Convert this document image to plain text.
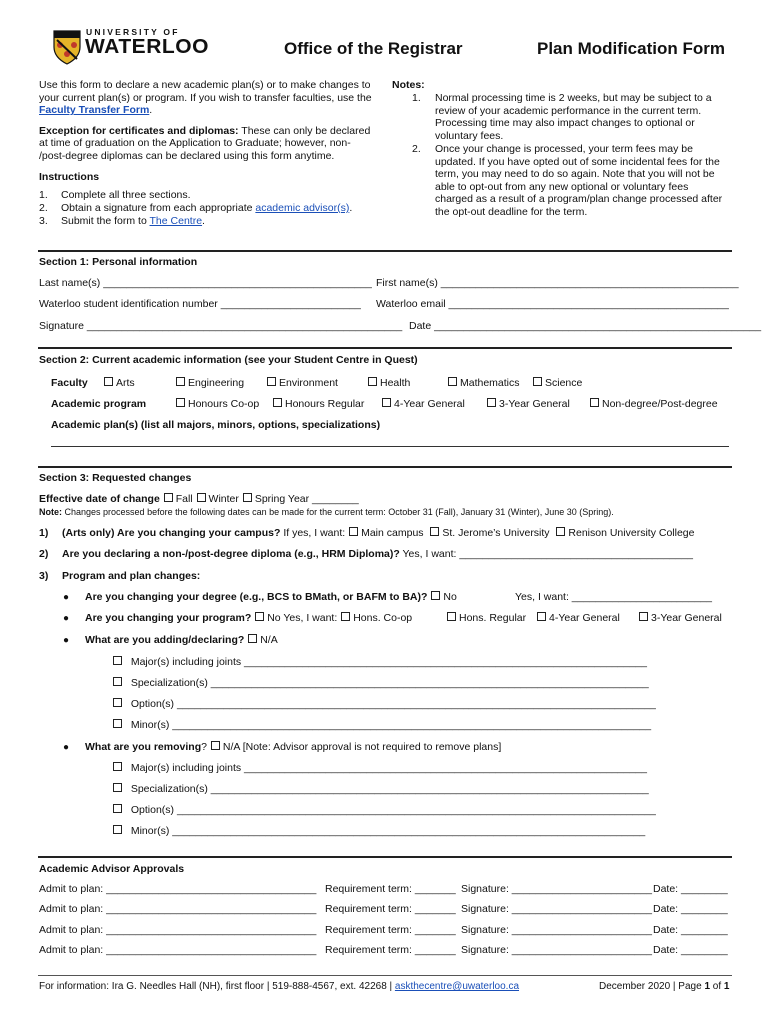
UNIVERSITY OF
WATERLOO	Office of the Registrar	Plan Modification Form
Use this form to declare a new academic plan(s) or to make changes to
your current plan(s) or program. If you wish to transfer faculties, use the
Faculty Transfer Form.
Exception for certificates and diplomas: These can only be declared
at time of graduation on the Application to Graduate; however, non-
/post-degree diplomas can be declared using this form anytime.
Instructions
1. Complete all three sections.
2. Obtain a signature from each appropriate academic advisor(s).
3. Submit the form to The Centre.
Notes:
1. Normal processing time is 2 weeks, but may be subject to a
review of your academic performance in the current term.
Processing time may also impact changes to optional or
voluntary fees.
2. Once your change is processed, your term fees may be
updated. If you have opted out of some incidental fees for the
term, you may need to do so again. Note that you will not be
able to opt-out from any new optional or voluntary fees
charged as a result of a program/plan change processed after
the opt-out deadline for the term.
Section 1: Personal information
Last name(s) ______________________________________________ First name(s) ___________________________________________________
Waterloo student identification number ________________________ Waterloo email ________________________________________________
Signature ______________________________________________________ Date ________________________________________________________
Section 2: Current academic information (see your Student Centre in Quest)
Faculty	Arts	Engineering	Environment	Health	Mathematics	Science
Academic program	Honours Co-op	Honours Regular	4-Year General	3-Year General	Non-degree/Post-degree
Academic plan(s) (list all majors, minors, options, specializations)
Section 3: Requested changes
Effective date of change Fall Winter Spring Year ________
Note: Changes processed before the following dates can be made for the current term: October 31 (Fall), January 31 (Winter), June 30 (Spring).
1) (Arts only) Are you changing your campus? If yes, I want: Main campus St. Jerome’s University Renison University College
2) Are you declaring a non-/post-degree diploma (e.g., HRM Diploma)? Yes, I want: ________________________________________
3) Program and plan changes:
● Are you changing your degree (e.g., BCS to BMath, or BAFM to BA)? No	Yes, I want: ________________________
● Are you changing your program? No Yes, I want: Hons. Co-op	Hons. Regular	4-Year General	3-Year General
● What are you adding/declaring? N/A
Major(s) including joints _____________________________________________________________________
Specialization(s) ___________________________________________________________________________
Option(s) __________________________________________________________________________________
Minor(s) __________________________________________________________________________________
● What are you removing? N/A [Note: Advisor approval is not required to remove plans]
Major(s) including joints _____________________________________________________________________
Specialization(s) ___________________________________________________________________________
Option(s) __________________________________________________________________________________
Minor(s) _________________________________________________________________________________
Academic Advisor Approvals
Admit to plan: ____________________________________ Requirement term: _______ Signature: ________________________ Date: ________
Admit to plan: ____________________________________ Requirement term: _______ Signature: ________________________ Date: ________
Admit to plan: ____________________________________ Requirement term: _______ Signature: ________________________ Date: ________
Admit to plan: ____________________________________ Requirement term: _______ Signature: ________________________ Date: ________
For information: Ira G. Needles Hall (NH), first floor | 519-888-4567, ext. 42268 | askthecentre@uwaterloo.ca	December 2020 | Page 1 of 1
